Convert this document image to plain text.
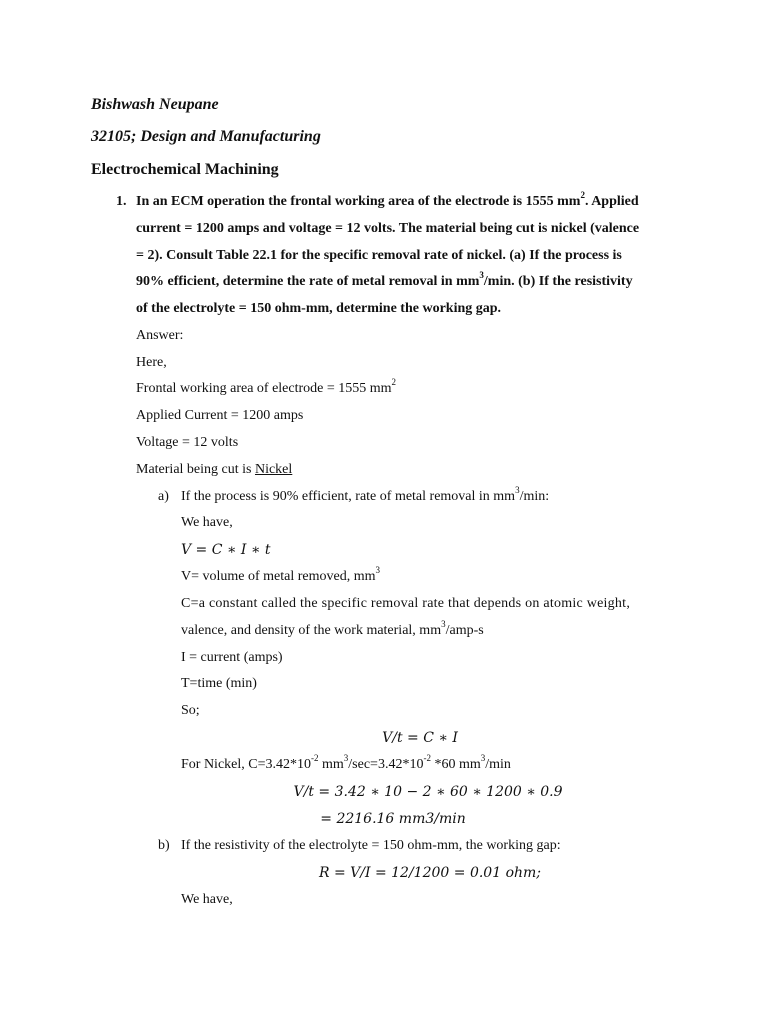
Bishwash Neupane
32105; Design and Manufacturing
Electrochemical Machining
1. In an ECM operation the frontal working area of the electrode is 1555 $mm^2$. Applied
current = 1200 amps and voltage = 12 volts. The material being cut is nickel (valence
= 2). Consult Table 22.1 for the specific removal rate of nickel. (a) If the process is
90% efficient, determine the rate of metal removal in $mm^3/\min$. (b) If the resistivity
of the electrolyte = 150 ohm-mm, determine the working gap.
Answer:
Here,
Frontal working area of electrode = 1555 $mm^2$
Applied Current = 1200 amps
Voltage = 12 volts
Material being cut is Nickel
a) If the process is 90% efficient, rate of metal removal in $mm^3/\min$:
We have,
V = C ∗ I ∗ t
V= volume of metal removed, $mm^3$
C=a constant called the specific removal rate that depends on atomic weight,
valence, and density of the work material, $mm^3/amp-s$
I = current (amps)
T=time (min)
So;
V/t = C ∗ I
For Nickel, $C=3.42*10^{-2}$ $mm^3/\sec=3.42*10^{-2}$ *60 $mm^3/\min$
V/t = 3.42 ∗ 10 − 2 ∗ 60 ∗ 1200 ∗ 0.9
= 2216.16 mm3/min
b) If the resistivity of the electrolyte = 150 ohm-mm, the working gap:
R = V/I = 12/1200 = 0.01 ohm;
We have,
